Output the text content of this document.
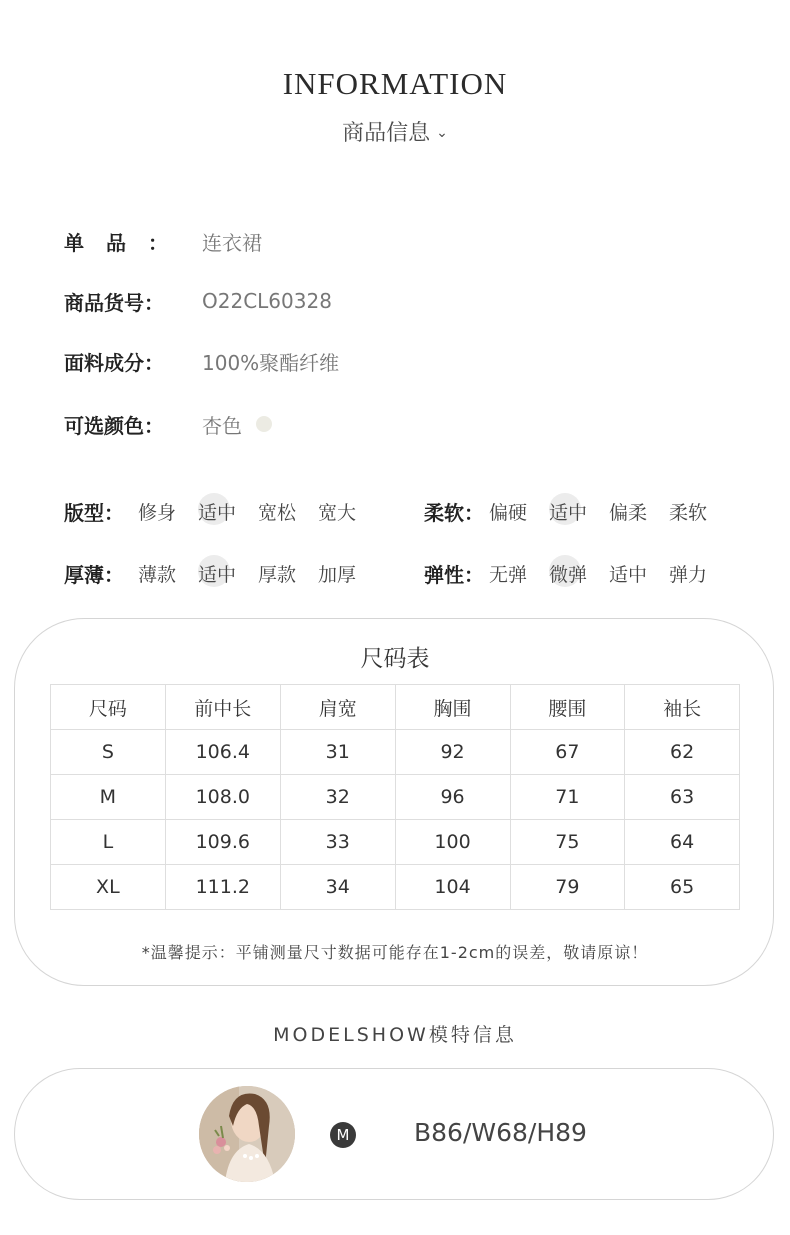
INFORMATION
商品信息 ⌄
单品： 连衣裙
商品货号：	O22CL60328
面料成分：	100%聚酯纤维
可选颜色：	杏色
版型： 修身	适中	宽松	宽大	柔软： 偏硬	适中	偏柔	柔软
厚薄： 薄款	适中	厚款	加厚	弹性： 无弹	微弹	适中	弹力
尺码表
尺码	前中长	肩宽	胸围	腰围	袖长
S	106.4	31	92	67	62
M	108.0	32	96	71	63
L	109.6	33	100	75	64
XL	111.2	34	104	79	65
*温馨提示：平铺测量尺寸数据可能存在1-2cm的误差，敬请原谅！
MODELSHOW模特信息
M	B86/W68/H89
